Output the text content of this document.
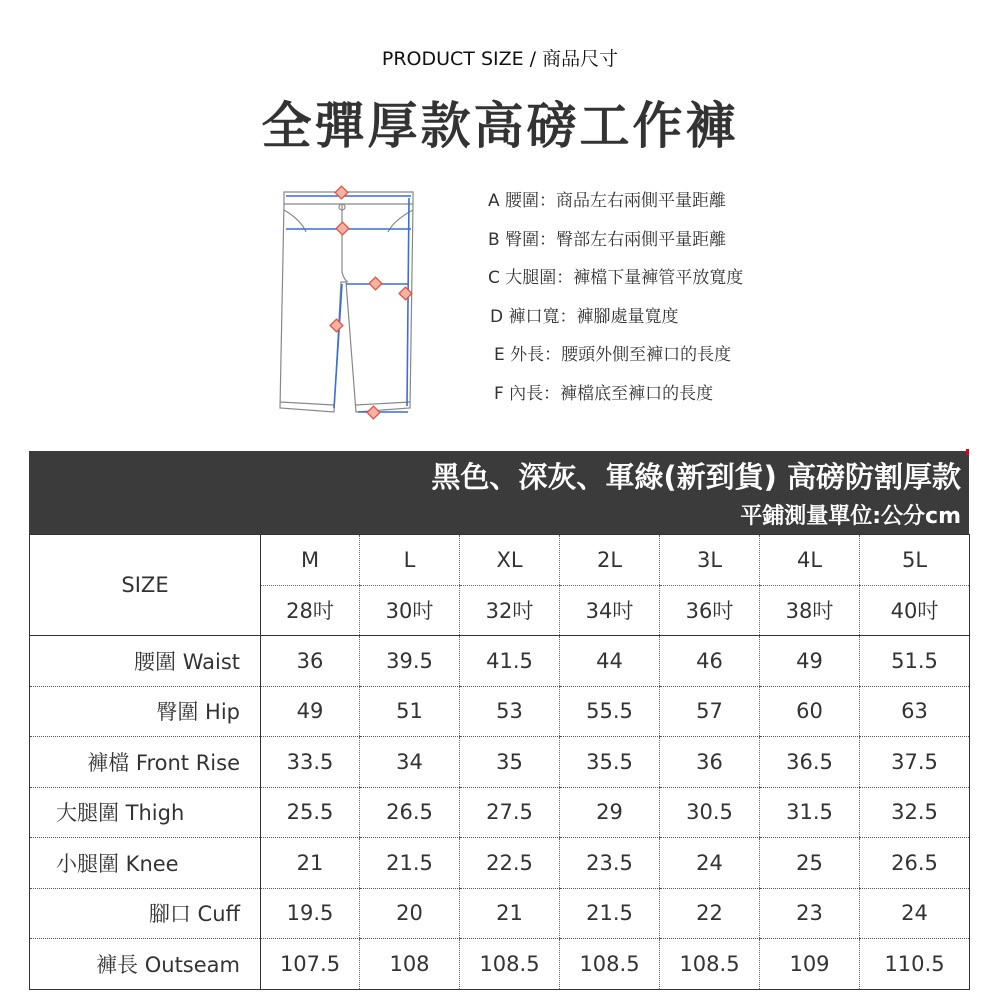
PRODUCT SIZE / 商品尺寸
全彈厚款高磅工作褲
A 腰圍：商品左右兩側平量距離
B 臀圍：臀部左右兩側平量距離
C 大腿圍：褲檔下量褲管平放寬度
D 褲口寬：褲腳處量寬度
E 外長：腰頭外側至褲口的長度
F 內長：褲檔底至褲口的長度
黑色、深灰、軍綠(新到貨) 高磅防割厚款
平鋪測量單位:公分cm
SIZE	M	L	XL	2L	3L	4L	5L
	28吋	30吋	32吋	34吋	36吋	38吋	40吋
腰圍 Waist	36	39.5	41.5	44	46	49	51.5
臀圍 Hip	49	51	53	55.5	57	60	63
褲檔 Front Rise	33.5	34	35	35.5	36	36.5	37.5
大腿圍 Thigh	25.5	26.5	27.5	29	30.5	31.5	32.5
小腿圍 Knee	21	21.5	22.5	23.5	24	25	26.5
腳口 Cuff	19.5	20	21	21.5	22	23	24
褲長 Outseam	107.5	108	108.5	108.5	108.5	109	110.5
